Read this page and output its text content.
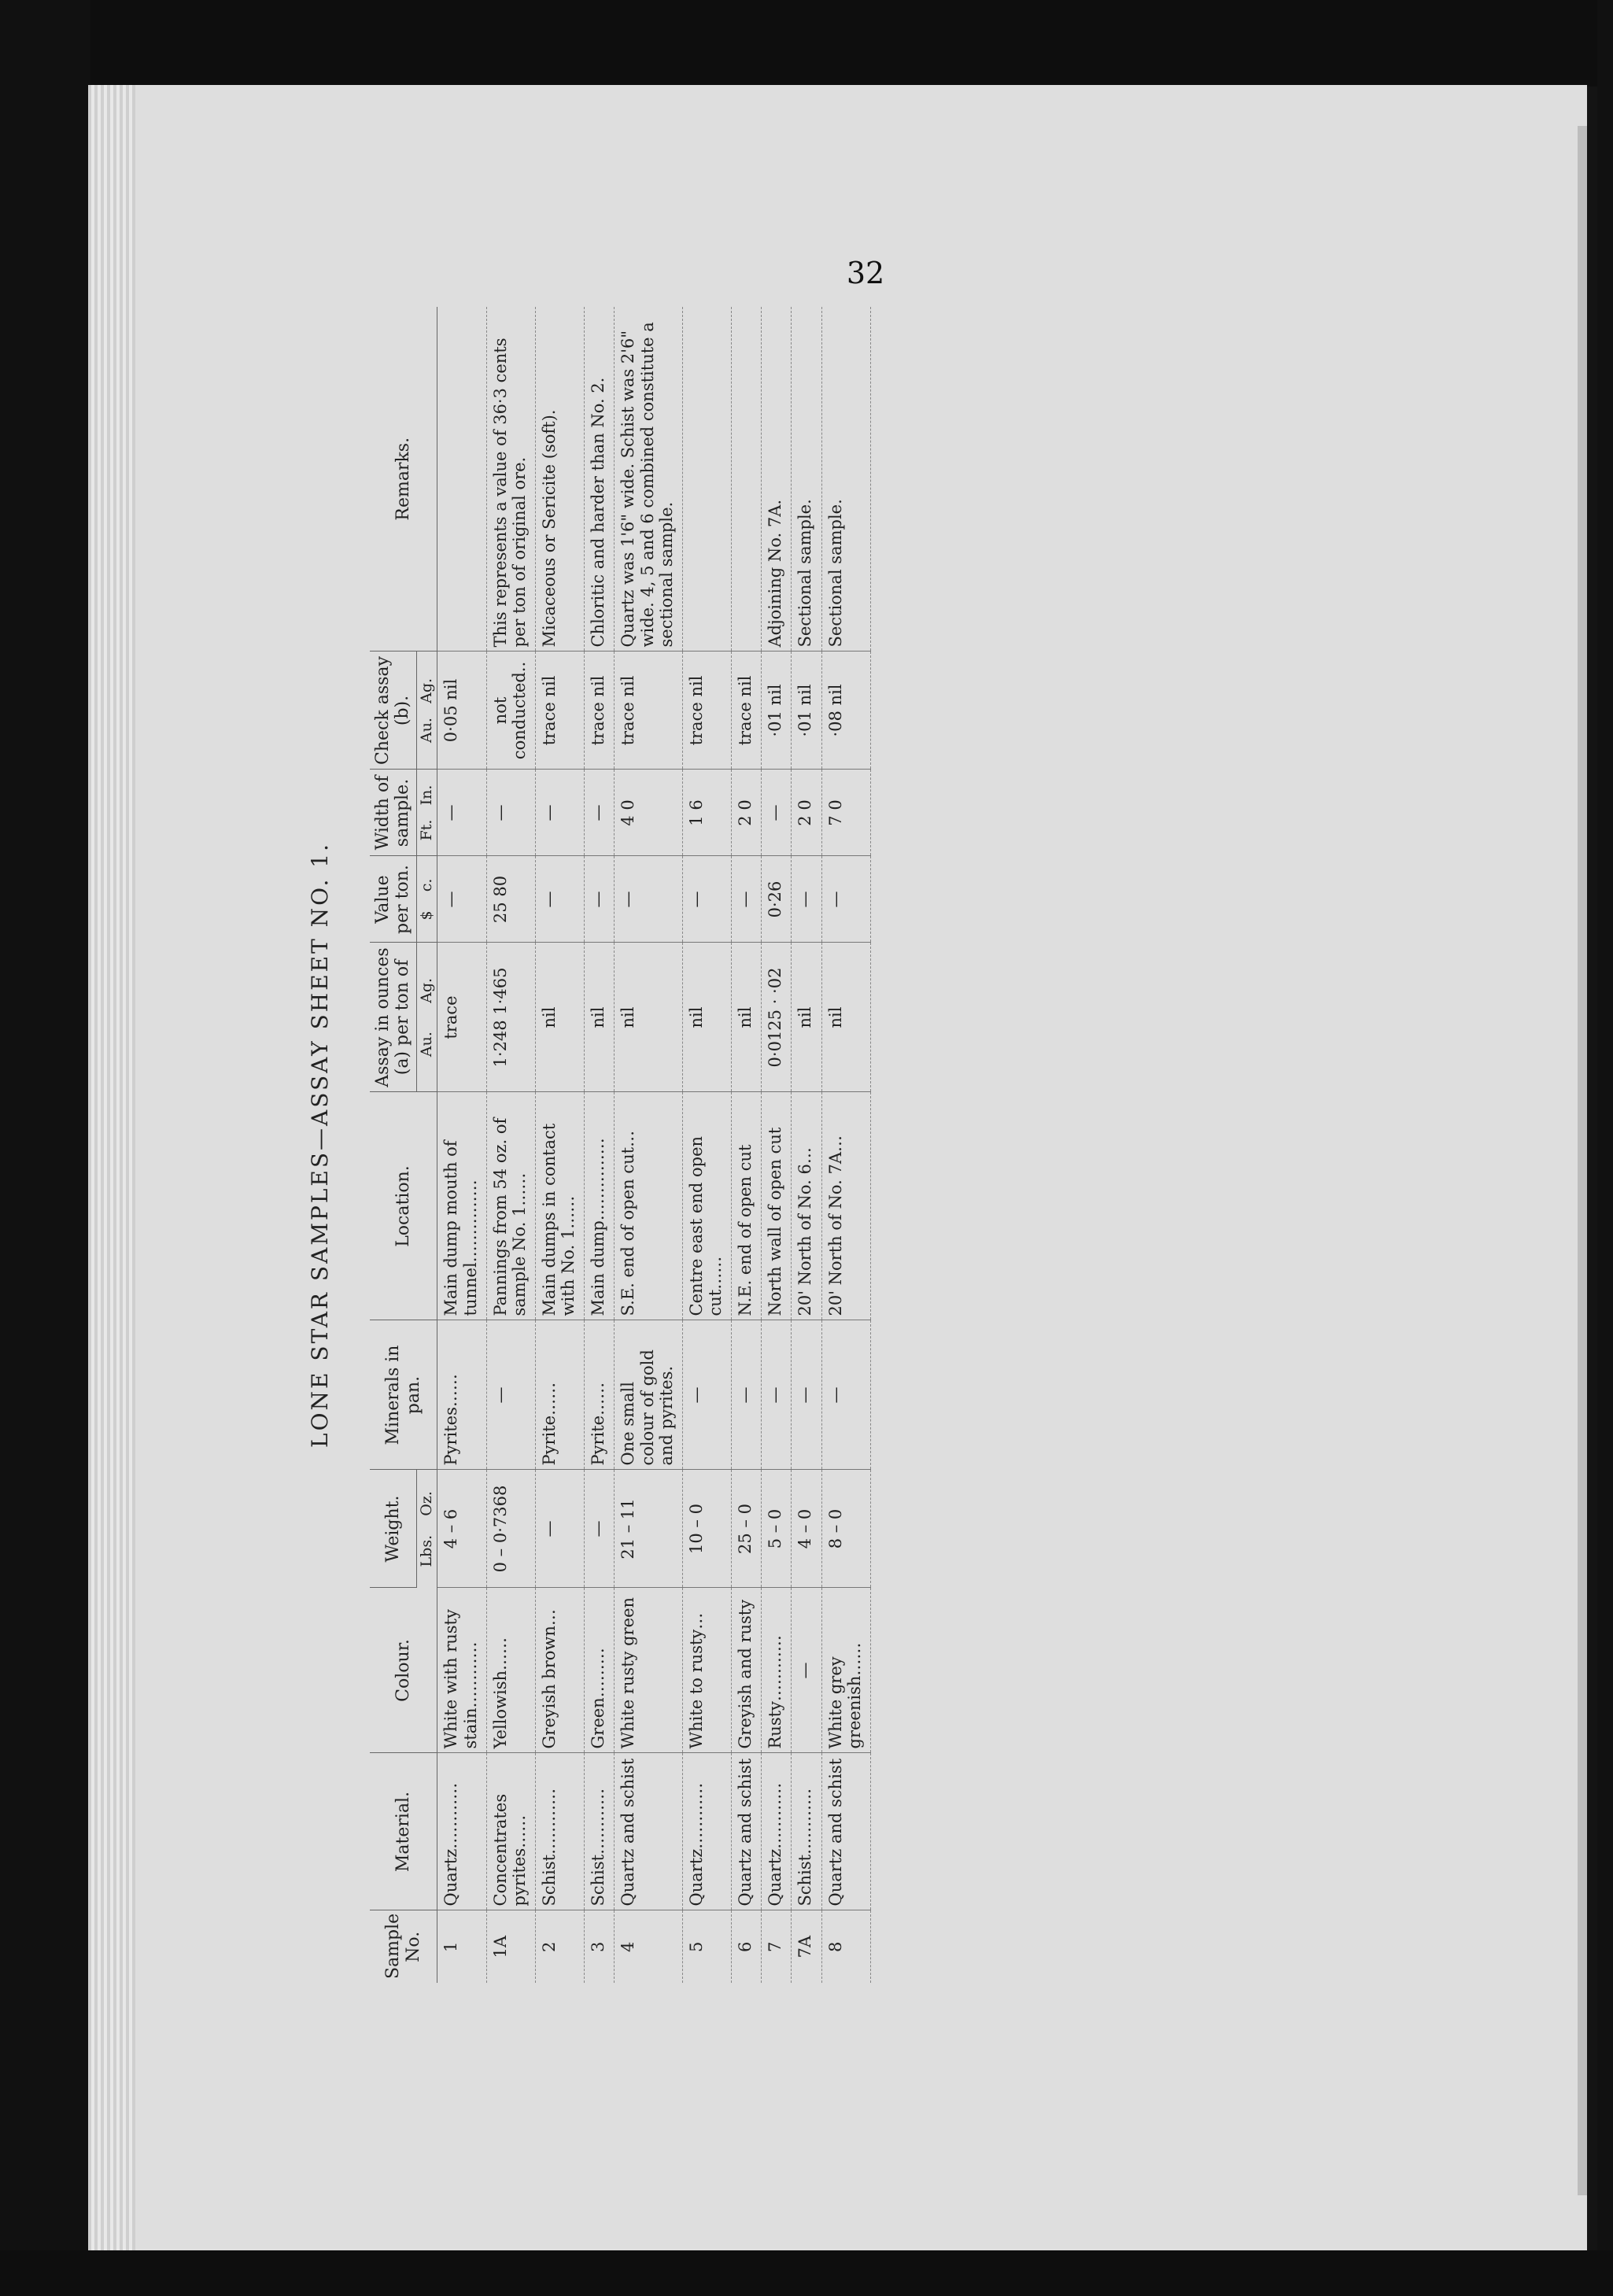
32
LONE STAR SAMPLES—ASSAY SHEET NO. 1.
Sample No.	Material.	Colour.	Weight.	Minerals in pan.	Location.	Assay in ounces (a) per ton of	Value per ton.	Width of sample.	Check assay (b).	Remarks.
			Lbs.    Oz.			Au.      Ag.	$    c.	Ft.   In.	Au.   Ag.	
1	Quartz…………	White with rusty stain…………	4 – 6	Pyrites……	Main dump mouth of tunnel……………	trace	—	—	0·05 nil	
1A	Concentrates pyrites……	Yellowish……	0 – 0·7368	—	Pannings from 54 oz. of sample No. 1……	1·248 1·465	25 80	—	not conducted..	This represents a value of 36·3 cents per ton of original ore.
2	Schist…………	Greyish brown…	—	Pyrite……	Main dumps in contact with No. 1……	nil	—	—	trace nil	Micaceous or Sericite (soft).
3	Schist…………	Green………	—	Pyrite……	Main dump……………	nil	—	—	trace nil	Chloritic and harder than No. 2.
4	Quartz and schist	White rusty green	21 – 11	One small colour of gold and pyrites.	S.E. end of open cut…	nil	—	4 0	trace nil	Quartz was 1'6" wide. Schist was 2'6" wide. 4, 5 and 6 combined constitute a sectional sample.
5	Quartz…………	White to rusty…	10 – 0	—	Centre east end open cut……	nil	—	1 6	trace nil	
6	Quartz and schist	Greyish and rusty	25 – 0	—	N.E. end of open cut	nil	—	2 0	trace nil	
7	Quartz…………	Rusty…………	5 – 0	—	North wall of open cut	0·0125 · ·02	0·26	—	·01 nil	Adjoining No. 7A.
7A	Schist…………	—	4 – 0	—	20' North of No. 6…	nil	—	2 0	·01 nil	Sectional sample.
8	Quartz and schist	White grey greenish……	8 – 0	—	20' North of No. 7A…	nil	—	7 0	·08 nil	Sectional sample.
